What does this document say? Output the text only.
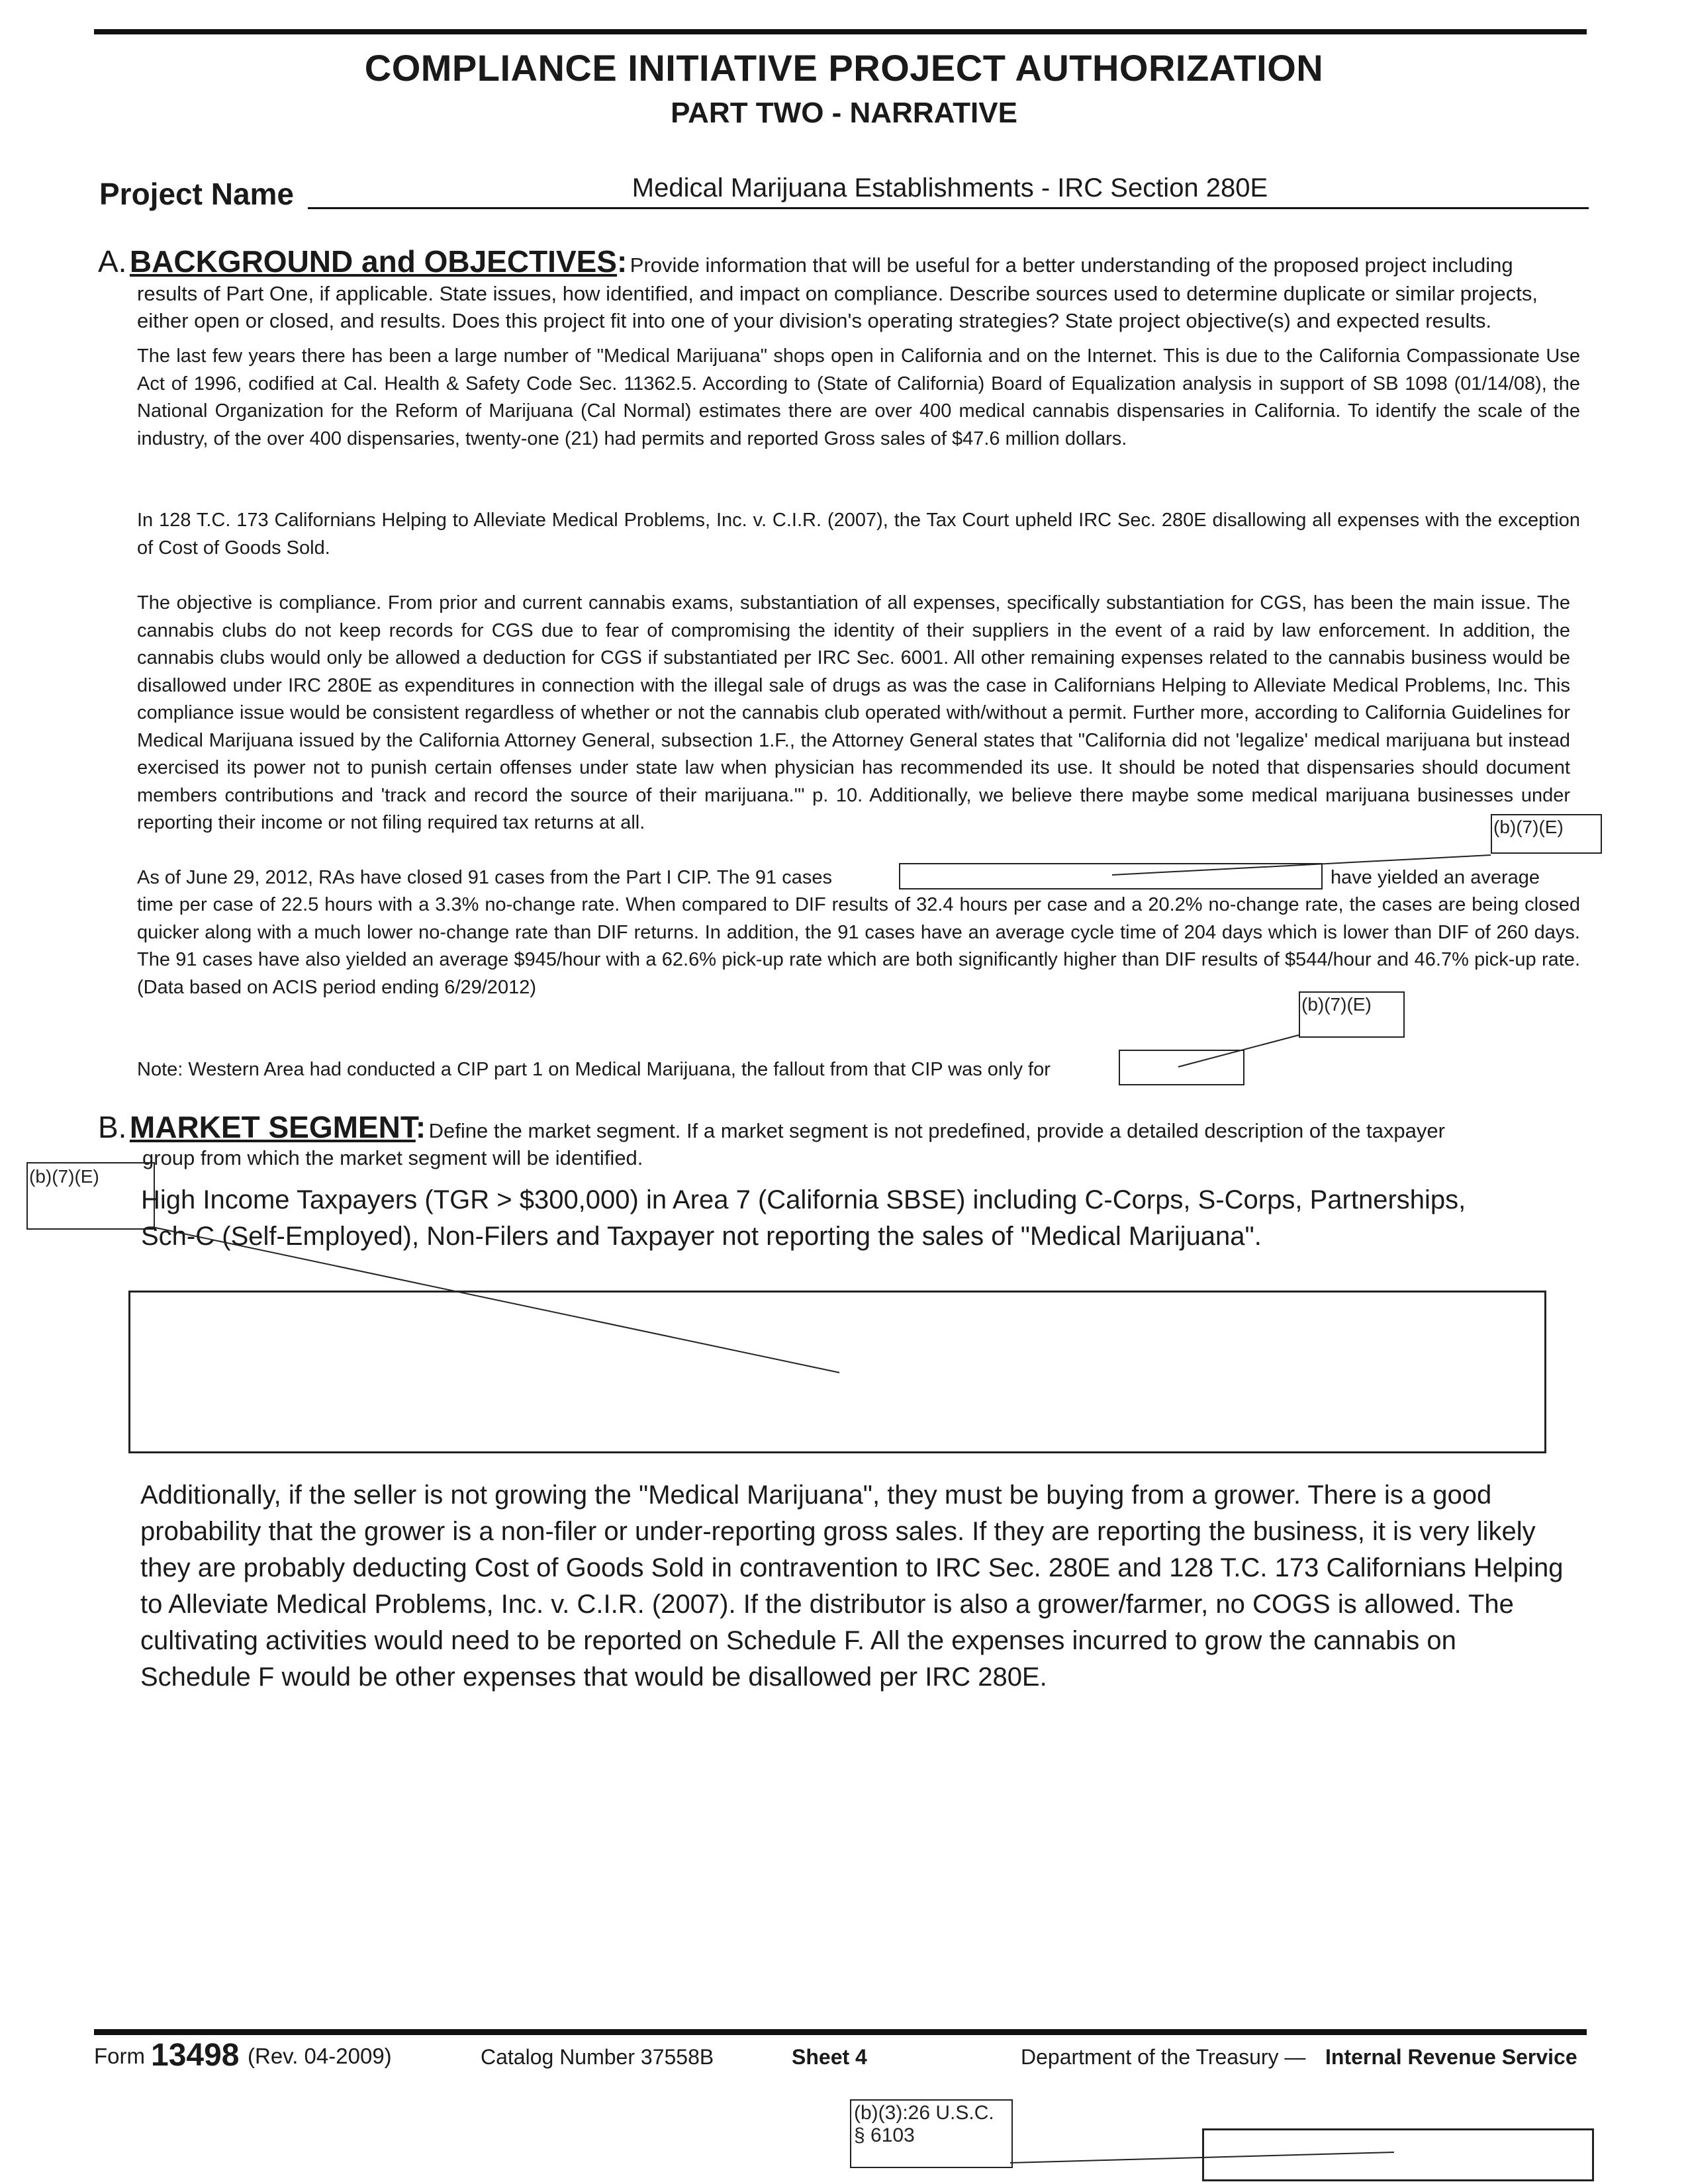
COMPLIANCE INITIATIVE PROJECT AUTHORIZATION
PART TWO - NARRATIVE
Project Name	Medical Marijuana Establishments - IRC Section 280E
A. BACKGROUND and OBJECTIVES: Provide information that will be useful for a better understanding of the proposed project including
results of Part One, if applicable. State issues, how identified, and impact on compliance. Describe sources used to determine duplicate or similar projects,
either open or closed, and results. Does this project fit into one of your division's operating strategies? State project objective(s) and expected results.
The last few years there has been a large number of "Medical Marijuana" shops open in California and on the Internet. This is due to the California Compassionate Use Act of 1996, codified at Cal. Health & Safety Code Sec. 11362.5. According to (State of California) Board of Equalization analysis in support of SB 1098 (01/14/08), the National Organization for the Reform of Marijuana (Cal Normal) estimates there are over 400 medical cannabis dispensaries in California. To identify the scale of the industry, of the over 400 dispensaries, twenty-one (21) had permits and reported Gross sales of $47.6 million dollars.
In 128 T.C. 173 Californians Helping to Alleviate Medical Problems, Inc. v. C.I.R. (2007), the Tax Court upheld IRC Sec. 280E disallowing all expenses with the exception of Cost of Goods Sold.
The objective is compliance. From prior and current cannabis exams, substantiation of all expenses, specifically substantiation for CGS, has been the main issue. The cannabis clubs do not keep records for CGS due to fear of compromising the identity of their suppliers in the event of a raid by law enforcement. In addition, the cannabis clubs would only be allowed a deduction for CGS if substantiated per IRC Sec. 6001. All other remaining expenses related to the cannabis business would be disallowed under IRC 280E as expenditures in connection with the illegal sale of drugs as was the case in Californians Helping to Alleviate Medical Problems, Inc. This compliance issue would be consistent regardless of whether or not the cannabis club operated with/without a permit. Further more, according to California Guidelines for Medical Marijuana issued by the California Attorney General, subsection 1.F., the Attorney General states that "California did not 'legalize' medical marijuana but instead exercised its power not to punish certain offenses under state law when physician has recommended its use. It should be noted that dispensaries should document members contributions and 'track and record the source of their marijuana.'" p. 10. Additionally, we believe there maybe some medical marijuana businesses under reporting their income or not filing required tax returns at all.	(b)(7)(E)
As of June 29, 2012, RAs have closed 91 cases from the Part I CIP. The 91 cases	have yielded an average
time per case of 22.5 hours with a 3.3% no-change rate. When compared to DIF results of 32.4 hours per case and a 20.2% no-change rate, the cases are being closed quicker along with a much lower no-change rate than DIF returns. In addition, the 91 cases have an average cycle time of 204 days which is lower than DIF of 260 days. The 91 cases have also yielded an average $945/hour with a 62.6% pick-up rate which are both significantly higher than DIF results of $544/hour and 46.7% pick-up rate. (Data based on ACIS period ending 6/29/2012)
(b)(7)(E)
Note: Western Area had conducted a CIP part 1 on Medical Marijuana, the fallout from that CIP was only for
B. MARKET SEGMENT: Define the market segment. If a market segment is not predefined, provide a detailed description of the taxpayer
group from which the market segment will be identified.
(b)(7)(E)
High Income Taxpayers (TGR > $300,000) in Area 7 (California SBSE) including C-Corps, S-Corps, Partnerships,
Sch-C (Self-Employed), Non-Filers and Taxpayer not reporting the sales of "Medical Marijuana".
Additionally, if the seller is not growing the "Medical Marijuana", they must be buying from a grower. There is a good probability that the grower is a non-filer or under-reporting gross sales. If they are reporting the business, it is very likely they are probably deducting Cost of Goods Sold in contravention to IRC Sec. 280E and 128 T.C. 173 Californians Helping to Alleviate Medical Problems, Inc. v. C.I.R. (2007). If the distributor is also a grower/farmer, no COGS is allowed. The cultivating activities would need to be reported on Schedule F. All the expenses incurred to grow the cannabis on Schedule F would be other expenses that would be disallowed per IRC 280E.
Form 13498 (Rev. 04-2009)	Catalog Number 37558B	Sheet 4	Department of the Treasury — Internal Revenue Service
(b)(3):26 U.S.C. § 6103
